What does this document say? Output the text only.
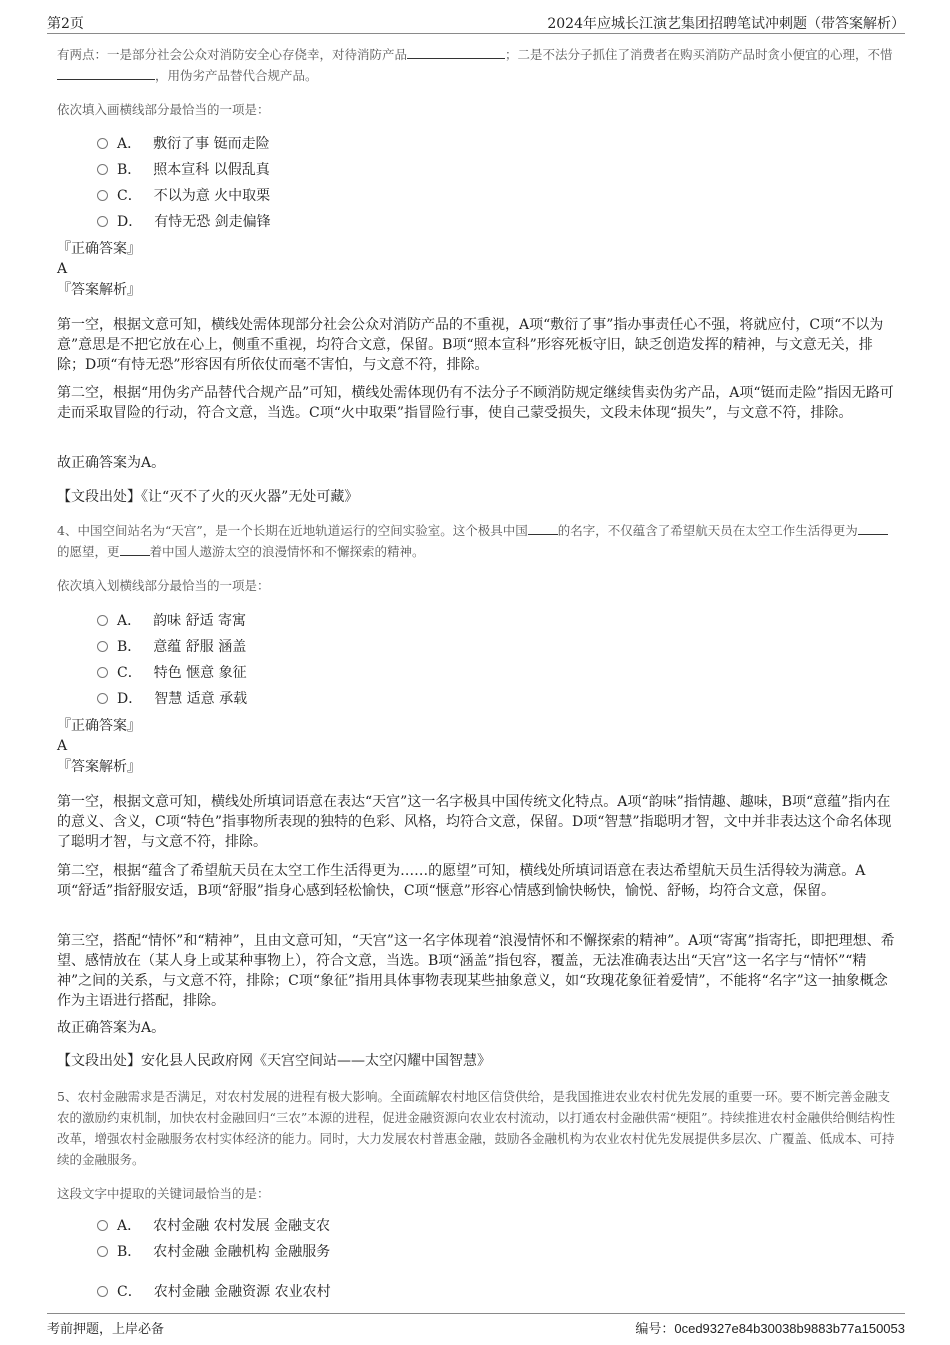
第2页	2024年应城长江演艺集团招聘笔试冲刺题（带答案解析）
有两点：一是部分社会公众对消防安全心存侥幸，对待消防产品	；二是不法分子抓住了消费者在购买消防产品时贪小便宜的心理，不惜，用伪劣产品替代合规产品。
依次填入画横线部分最恰当的一项是：
A． 敷衍了事 铤而走险
B． 照本宣科 以假乱真
C． 不以为意 火中取栗
D． 有恃无恐 剑走偏锋
『正确答案』
A
『答案解析』
第一空，根据文意可知，横线处需体现部分社会公众对消防产品的不重视，A项“敷衍了事”指办事责任心不强，将就应付，C项“不以为意”意思是不把它放在心上，侧重不重视，均符合文意，保留。B项“照本宣科”形容死板守旧，缺乏创造发挥的精神，与文意无关，排除；D项“有恃无恐”形容因有所依仗而毫不害怕，与文意不符，排除。
第二空，根据“用伪劣产品替代合规产品”可知，横线处需体现仍有不法分子不顾消防规定继续售卖伪劣产品，A项“铤而走险”指因无路可走而采取冒险的行动，符合文意，当选。C项“火中取栗”指冒险行事，使自己蒙受损失，文段未体现“损失”，与文意不符，排除。
故正确答案为A。
【文段出处】《让“灭不了火的灭火器”无处可藏》
4、中国空间站名为“天宫”，是一个长期在近地轨道运行的空间实验室。这个极具中国 的名字，不仅蕴含了希望航天员在太空工作生活得更为的愿望，更 着中国人遨游太空的浪漫情怀和不懈探索的精神。
依次填入划横线部分最恰当的一项是：
A． 韵味 舒适 寄寓
B． 意蕴 舒服 涵盖
C． 特色 惬意 象征
D． 智慧 适意 承载
『正确答案』
A
『答案解析』
第一空，根据文意可知，横线处所填词语意在表达“天宫”这一名字极具中国传统文化特点。A项“韵味”指情趣、趣味，B项“意蕴”指内在的意义、含义，C项“特色”指事物所表现的独特的色彩、风格，均符合文意，保留。D项“智慧”指聪明才智，文中并非表达这个命名体现了聪明才智，与文意不符，排除。
第二空，根据“蕴含了希望航天员在太空工作生活得更为……的愿望”可知，横线处所填词语意在表达希望航天员生活得较为满意。A项“舒适”指舒服安适，B项“舒服”指身心感到轻松愉快，C项“惬意”形容心情感到愉快畅快，愉悦、舒畅，均符合文意，保留。
第三空，搭配“情怀”和“精神”，且由文意可知，“天宫”这一名字体现着“浪漫情怀和不懈探索的精神”。A项“寄寓”指寄托，即把理想、希望、感情放在（某人身上或某种事物上），符合文意，当选。B项“涵盖”指包容，覆盖，无法准确表达出“天宫”这一名字与“情怀”“精神”之间的关系，与文意不符，排除；C项“象征”指用具体事物表现某些抽象意义，如“玫瑰花象征着爱情”，不能将“名字”这一抽象概念作为主语进行搭配，排除。
故正确答案为A。
【文段出处】安化县人民政府网《天宫空间站——太空闪耀中国智慧》
5、农村金融需求是否满足，对农村发展的进程有极大影响。全面疏解农村地区信贷供给，是我国推进农业农村优先发展的重要一环。要不断完善金融支农的激励约束机制，加快农村金融回归“三农”本源的进程，促进金融资源向农业农村流动，以打通农村金融供需“梗阻”。持续推进农村金融供给侧结构性改革，增强农村金融服务农村实体经济的能力。同时，大力发展农村普惠金融，鼓励各金融机构为农业农村优先发展提供多层次、广覆盖、低成本、可持续的金融服务。
这段文字中提取的关键词最恰当的是：
A． 农村金融 农村发展 金融支农
B． 农村金融 金融机构 金融服务
C． 农村金融 金融资源 农业农村
考前押题，上岸必备	编号：0ced9327e84b30038b9883b77a150053
